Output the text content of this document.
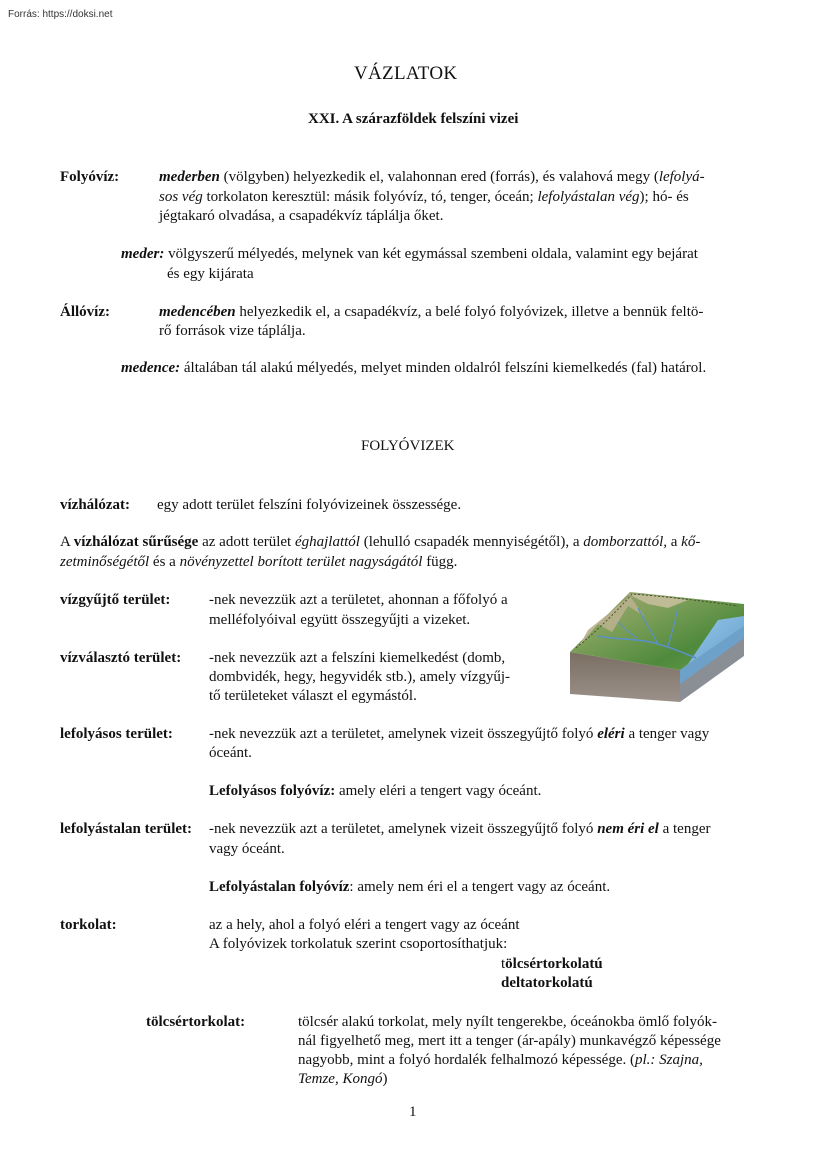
Forrás: https://doksi.net
VÁZLATOK
XXI. A szárazföldek felszíni vizei
Folyóvíz:	mederben (völgyben) helyezkedik el, valahonnan ered (forrás), és valahová megy (lefolyá-
sos vég torkolaton keresztül: másik folyóvíz, tó, tenger, óceán; lefolyástalan vég); hó- és
jégtakaró olvadása, a csapadékvíz táplálja őket.
meder: völgyszerű mélyedés, melynek van két egymással szembeni oldala, valamint egy bejárat
és egy kijárata
Állóvíz:	medencében helyezkedik el, a csapadékvíz, a belé folyó folyóvizek, illetve a bennük feltö-
rő források vize táplálja.
medence: általában tál alakú mélyedés, melyet minden oldalról felszíni kiemelkedés (fal) határol.
FOLYÓVIZEK
vízhálózat: egy adott terület felszíni folyóvizeinek összessége.
A vízhálózat sűrűsége az adott terület éghajlattól (lehulló csapadék mennyiségétől), a domborzattól, a kő-
zetminőségétől és a növényzettel borított terület nagyságától függ.
vízgyűjtő terület:	-nek nevezzük azt a területet, ahonnan a főfolyó a
melléfolyóival együtt összegyűjti a vizeket.
vízválasztó terület: -nek nevezzük azt a felszíni kiemelkedést (domb,
dombvidék, hegy, hegyvidék stb.), amely vízgyűj-
tő területeket választ el egymástól.
lefolyásos terület: -nek nevezzük azt a területet, amelynek vizeit összegyűjtő folyó eléri a tenger vagy
óceánt.
Lefolyásos folyóvíz: amely eléri a tengert vagy óceánt.
lefolyástalan terület: -nek nevezzük azt a területet, amelynek vizeit összegyűjtő folyó nem éri el a tenger
vagy óceánt.
Lefolyástalan folyóvíz: amely nem éri el a tengert vagy az óceánt.
torkolat:	az a hely, ahol a folyó eléri a tengert vagy az óceánt
A folyóvizek torkolatuk szerint csoportosíthatjuk:
tölcsértorkolatú
deltatorkolatú
tölcsértorkolat:	tölcsér alakú torkolat, mely nyílt tengerekbe, óceánokba ömlő folyók-
nál figyelhető meg, mert itt a tenger (ár-apály) munkavégző képessége
nagyobb, mint a folyó hordalék felhalmozó képessége. (pl.: Szajna,
Temze, Kongó)
1
